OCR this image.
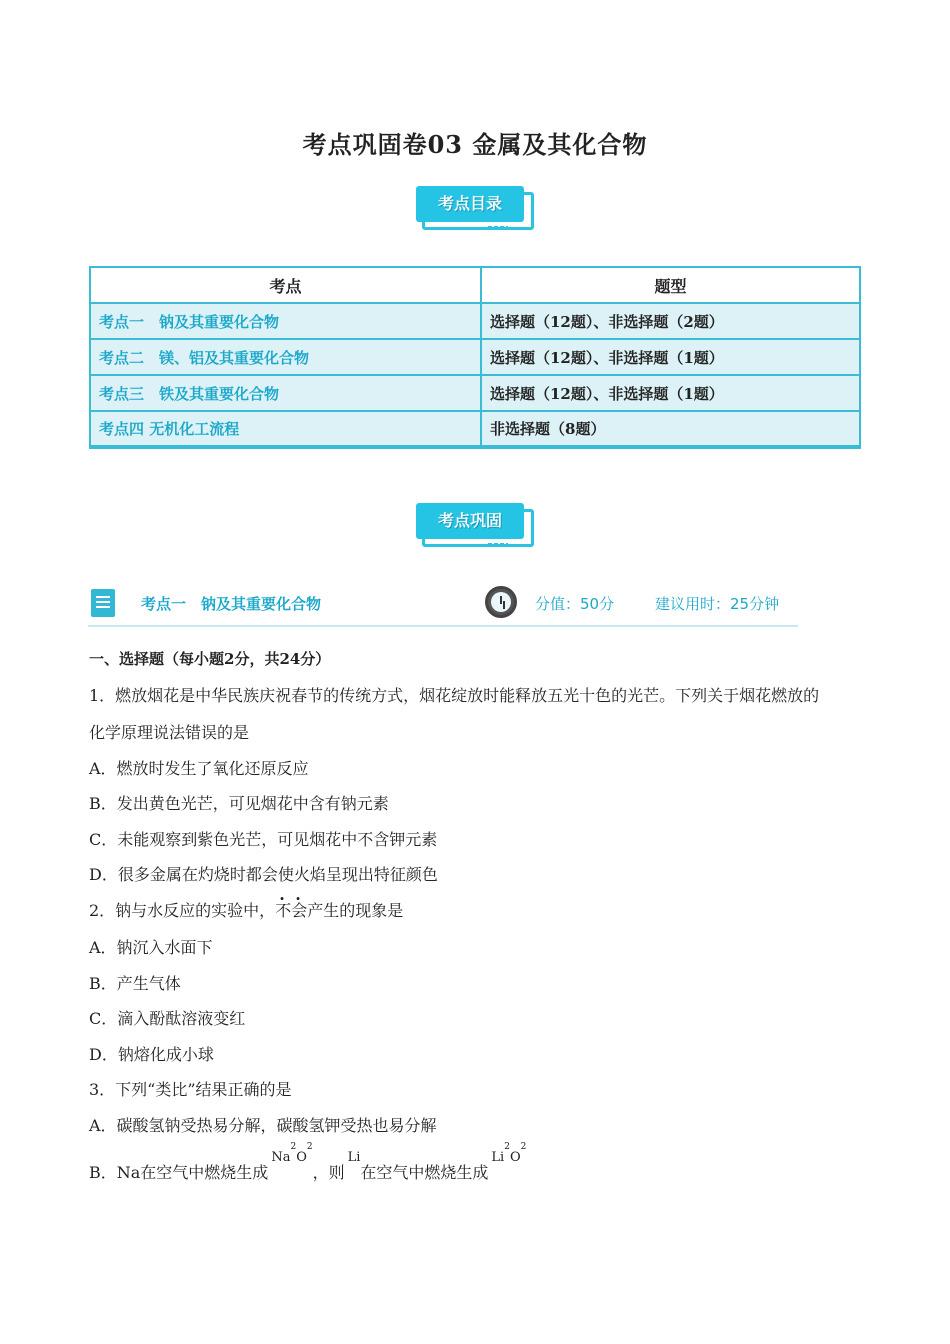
考点巩固卷03 金属及其化合物
考点目录
考点	题型
考点一　钠及其重要化合物	选择题（12题）、非选择题（2题）
考点二　镁、铝及其重要化合物	选择题（12题）、非选择题（1题）
考点三　铁及其重要化合物	选择题（12题）、非选择题（1题）
考点四 无机化工流程	非选择题（8题）
考点巩固
考点一　钠及其重要化合物	分值：50分	建议用时：25分钟
一、选择题（每小题2分，共24分）
1．燃放烟花是中华民族庆祝春节的传统方式，烟花绽放时能释放五光十色的光芒。下列关于烟花燃放的
化学原理说法错误的是
A．燃放时发生了氧化还原反应
B．发出黄色光芒，可见烟花中含有钠元素
C．未能观察到紫色光芒，可见烟花中不含钾元素
D．很多金属在灼烧时都会使火焰呈现出特征颜色
2．钠与水反应的实验中，不会产生的现象是
A．钠沉入水面下
B．产生气体
C．滴入酚酞溶液变红
D．钠熔化成小球
3．下列“类比”结果正确的是
A．碳酸氢钠受热易分解，碳酸氢钾受热也易分解
B．Na在空气中燃烧生成$^{Na^2O^2}$，则$^{Li}$在空气中燃烧生成$^{Li^2O^2}$
